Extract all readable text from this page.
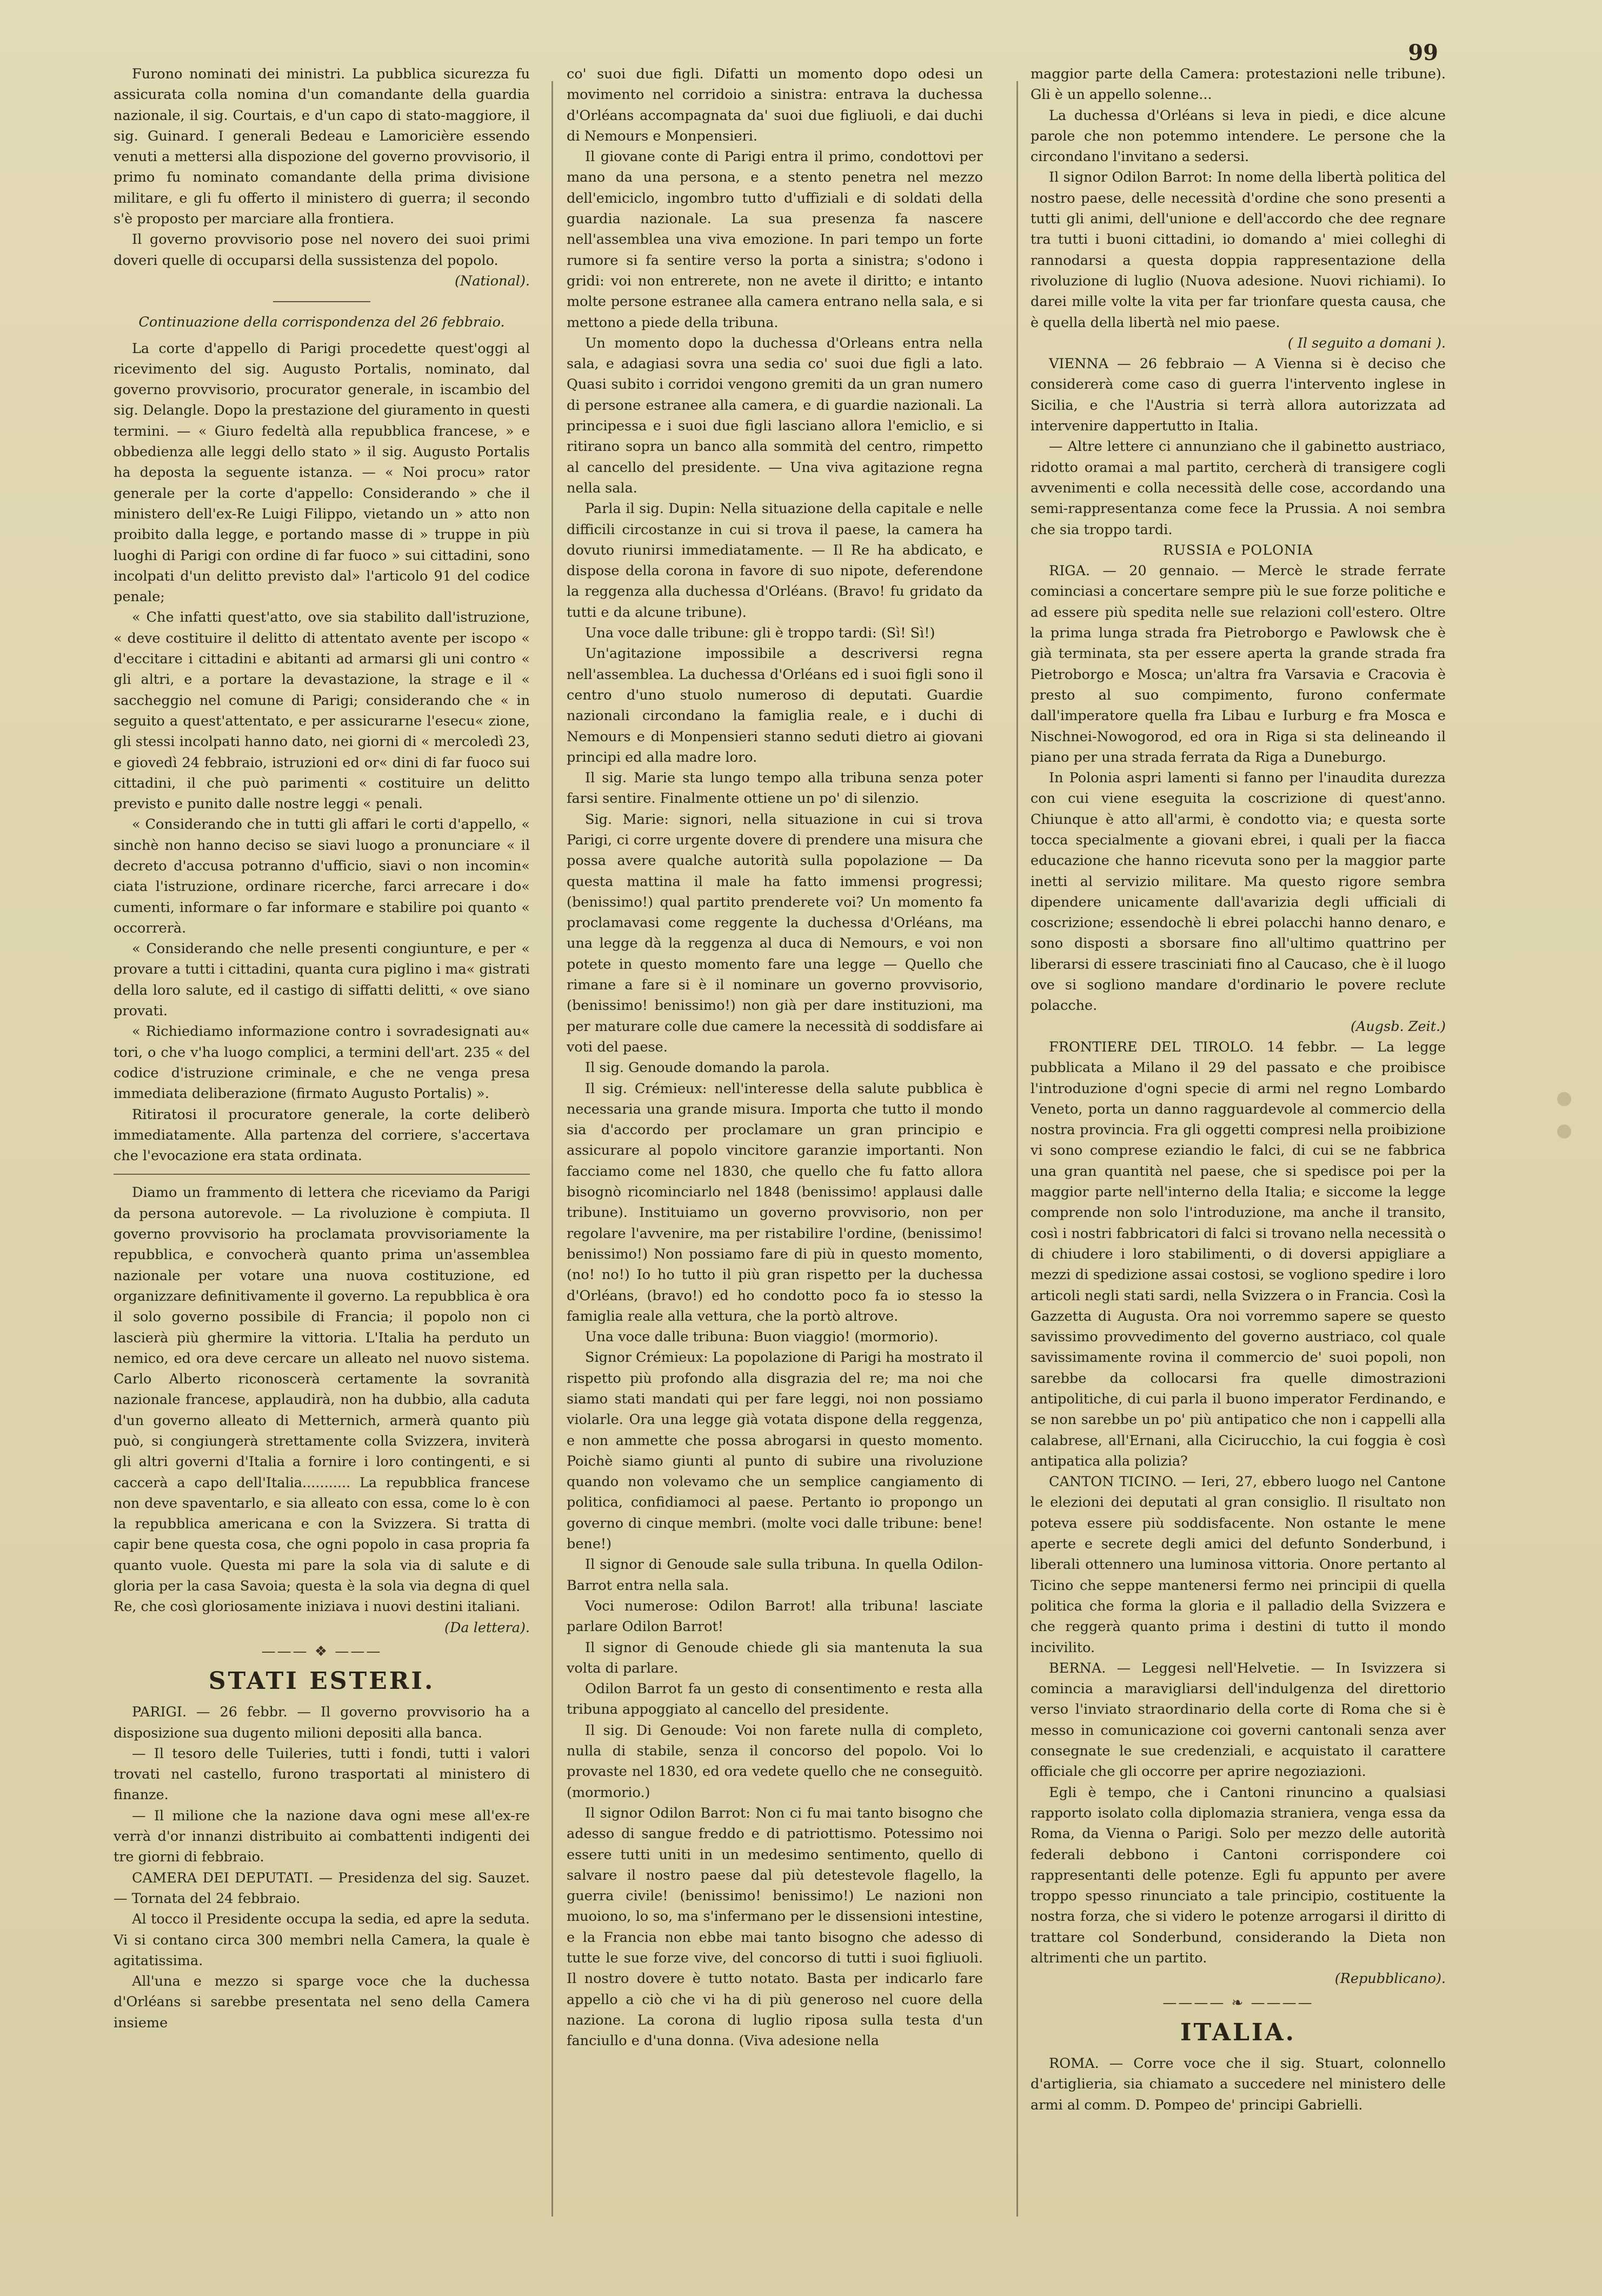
99

Furono nominati dei ministri. La pubblica sicurezza fu assicurata colla nomina d'un comandante della guardia nazionale, il sig. Courtais, e d'un capo di stato-maggiore, il sig. Guinard. I generali Bedeau e Lamoricière essendo venuti a mettersi alla dispozione del governo provvisorio, il primo fu nominato comandante della prima divisione militare, e gli fu offerto il ministero di guerra; il secondo s'è proposto per marciare alla frontiera.

Il governo provvisorio pose nel novero dei suoi primi doveri quelle di occuparsi della sussistenza del popolo.

(National).

Continuazione della corrispondenza del 26 febbraio.

La corte d'appello di Parigi procedette quest'oggi al ricevimento del sig. Augusto Portalis, nominato, dal governo provvisorio, procurator generale, in iscambio del sig. Delangle. Dopo la prestazione del giuramento in questi termini. — « Giuro fedeltà alla repubblica francese, » e obbedienza alle leggi dello stato » il sig. Augusto Portalis ha deposta la seguente istanza. — « Noi procu» rator generale per la corte d'appello: Considerando » che il ministero dell'ex-Re Luigi Filippo, vietando un » atto non proibito dalla legge, e portando masse di » truppe in più luoghi di Parigi con ordine di far fuoco » sui cittadini, sono incolpati d'un delitto previsto dal» l'articolo 91 del codice penale;

« Che infatti quest'atto, ove sia stabilito dall'istruzione, « deve costituire il delitto di attentato avente per iscopo « d'eccitare i cittadini e abitanti ad armarsi gli uni contro « gli altri, e a portare la devastazione, la strage e il « saccheggio nel comune di Parigi; considerando che « in seguito a quest'attentato, e per assicurarne l'esecu« zione, gli stessi incolpati hanno dato, nei giorni di « mercoledì 23, e giovedì 24 febbraio, istruzioni ed or« dini di far fuoco sui cittadini, il che può parimenti « costituire un delitto previsto e punito dalle nostre leggi « penali.

« Considerando che in tutti gli affari le corti d'appello, « sinchè non hanno deciso se siavi luogo a pronunciare « il decreto d'accusa potranno d'ufficio, siavi o non incomin« ciata l'istruzione, ordinare ricerche, farci arrecare i do« cumenti, informare o far informare e stabilire poi quanto « occorrerà.

« Considerando che nelle presenti congiunture, e per « provare a tutti i cittadini, quanta cura piglino i ma« gistrati della loro salute, ed il castigo di siffatti delitti, « ove siano provati.

« Richiediamo informazione contro i sovradesignati au« tori, o che v'ha luogo complici, a termini dell'art. 235 « del codice d'istruzione criminale, e che ne venga presa immediata deliberazione (firmato Augusto Portalis) ».

Ritiratosi il procuratore generale, la corte deliberò immediatamente. Alla partenza del corriere, s'accertava che l'evocazione era stata ordinata.

Diamo un frammento di lettera che riceviamo da Parigi da persona autorevole. — La rivoluzione è compiuta. Il governo provvisorio ha proclamata provvisoriamente la repubblica, e convocherà quanto prima un'assemblea nazionale per votare una nuova costituzione, ed organizzare definitivamente il governo. La repubblica è ora il solo governo possibile di Francia; il popolo non ci lascierà più ghermire la vittoria. L'Italia ha perduto un nemico, ed ora deve cercare un alleato nel nuovo sistema. Carlo Alberto riconoscerà certamente la sovranità nazionale francese, applaudirà, non ha dubbio, alla caduta d'un governo alleato di Metternich, armerà quanto più può, si congiungerà strettamente colla Svizzera, inviterà gli altri governi d'Italia a fornire i loro contingenti, e si caccerà a capo dell'Italia........... La repubblica francese non deve spaventarlo, e sia alleato con essa, come lo è con la repubblica americana e con la Svizzera. Si tratta di capir bene questa cosa, che ogni popolo in casa propria fa quanto vuole. Questa mi pare la sola via di salute e di gloria per la casa Savoia; questa è la sola via degna di quel Re, che così gloriosamente iniziava i nuovi destini italiani.

(Da lettera).

——— ❖ ———
STATI ESTERI.

PARIGI. — 26 febbr. — Il governo provvisorio ha a disposizione sua dugento milioni depositi alla banca.

— Il tesoro delle Tuileries, tutti i fondi, tutti i valori trovati nel castello, furono trasportati al ministero di finanze.

— Il milione che la nazione dava ogni mese all'ex-re verrà d'or innanzi distribuito ai combattenti indigenti dei tre giorni di febbraio.

CAMERA DEI DEPUTATI. — Presidenza del sig. Sauzet. — Tornata del 24 febbraio.

Al tocco il Presidente occupa la sedia, ed apre la seduta. Vi si contano circa 300 membri nella Camera, la quale è agitatissima.

All'una e mezzo si sparge voce che la duchessa d'Orléans si sarebbe presentata nel seno della Camera insieme

co' suoi due figli. Difatti un momento dopo odesi un movimento nel corridoio a sinistra: entrava la duchessa d'Orléans accompagnata da' suoi due figliuoli, e dai duchi di Nemours e Monpensieri.

Il giovane conte di Parigi entra il primo, condottovi per mano da una persona, e a stento penetra nel mezzo dell'emiciclo, ingombro tutto d'uffiziali e di soldati della guardia nazionale. La sua presenza fa nascere nell'assemblea una viva emozione. In pari tempo un forte rumore si fa sentire verso la porta a sinistra; s'odono i gridi: voi non entrerete, non ne avete il diritto; e intanto molte persone estranee alla camera entrano nella sala, e si mettono a piede della tribuna.

Un momento dopo la duchessa d'Orleans entra nella sala, e adagiasi sovra una sedia co' suoi due figli a lato. Quasi subito i corridoi vengono gremiti da un gran numero di persone estranee alla camera, e di guardie nazionali. La principessa e i suoi due figli lasciano allora l'emiclio, e si ritirano sopra un banco alla sommità del centro, rimpetto al cancello del presidente. — Una viva agitazione regna nella sala.

Parla il sig. Dupin: Nella situazione della capitale e nelle difficili circostanze in cui si trova il paese, la camera ha dovuto riunirsi immediatamente. — Il Re ha abdicato, e dispose della corona in favore di suo nipote, deferendone la reggenza alla duchessa d'Orléans. (Bravo! fu gridato da tutti e da alcune tribune).

Una voce dalle tribune: gli è troppo tardi: (Sì! Sì!)

Un'agitazione impossibile a descriversi regna nell'assemblea. La duchessa d'Orléans ed i suoi figli sono il centro d'uno stuolo numeroso di deputati. Guardie nazionali circondano la famiglia reale, e i duchi di Nemours e di Monpensieri stanno seduti dietro ai giovani principi ed alla madre loro.

Il sig. Marie sta lungo tempo alla tribuna senza poter farsi sentire. Finalmente ottiene un po' di silenzio.

Sig. Marie: signori, nella situazione in cui si trova Parigi, ci corre urgente dovere di prendere una misura che possa avere qualche autorità sulla popolazione — Da questa mattina il male ha fatto immensi progressi; (benissimo!) qual partito prenderete voi? Un momento fa proclamavasi come reggente la duchessa d'Orléans, ma una legge dà la reggenza al duca di Nemours, e voi non potete in questo momento fare una legge — Quello che rimane a fare si è il nominare un governo provvisorio, (benissimo! benissimo!) non già per dare instituzioni, ma per maturare colle due camere la necessità di soddisfare ai voti del paese.

Il sig. Genoude domando la parola.

Il sig. Crémieux: nell'interesse della salute pubblica è necessaria una grande misura. Importa che tutto il mondo sia d'accordo per proclamare un gran principio e assicurare al popolo vincitore garanzie importanti. Non facciamo come nel 1830, che quello che fu fatto allora bisognò ricominciarlo nel 1848 (benissimo! applausi dalle tribune). Instituiamo un governo provvisorio, non per regolare l'avvenire, ma per ristabilire l'ordine, (benissimo! benissimo!) Non possiamo fare di più in questo momento, (no! no!) Io ho tutto il più gran rispetto per la duchessa d'Orléans, (bravo!) ed ho condotto poco fa io stesso la famiglia reale alla vettura, che la portò altrove.

Una voce dalle tribuna: Buon viaggio! (mormorio).

Signor Crémieux: La popolazione di Parigi ha mostrato il rispetto più profondo alla disgrazia del re; ma noi che siamo stati mandati qui per fare leggi, noi non possiamo violarle. Ora una legge già votata dispone della reggenza, e non ammette che possa abrogarsi in questo momento. Poichè siamo giunti al punto di subire una rivoluzione quando non volevamo che un semplice cangiamento di politica, confidiamoci al paese. Pertanto io propongo un governo di cinque membri. (molte voci dalle tribune: bene! bene!)

Il signor di Genoude sale sulla tribuna. In quella Odilon-Barrot entra nella sala.

Voci numerose: Odilon Barrot! alla tribuna! lasciate parlare Odilon Barrot!

Il signor di Genoude chiede gli sia mantenuta la sua volta di parlare.

Odilon Barrot fa un gesto di consentimento e resta alla tribuna appoggiato al cancello del presidente.

Il sig. Di Genoude: Voi non farete nulla di completo, nulla di stabile, senza il concorso del popolo. Voi lo provaste nel 1830, ed ora vedete quello che ne conseguitò. (mormorio.)

Il signor Odilon Barrot: Non ci fu mai tanto bisogno che adesso di sangue freddo e di patriottismo. Potessimo noi essere tutti uniti in un medesimo sentimento, quello di salvare il nostro paese dal più detestevole flagello, la guerra civile! (benissimo! benissimo!) Le nazioni non muoiono, lo so, ma s'infermano per le dissensioni intestine, e la Francia non ebbe mai tanto bisogno che adesso di tutte le sue forze vive, del concorso di tutti i suoi figliuoli. Il nostro dovere è tutto notato. Basta per indicarlo fare appello a ciò che vi ha di più generoso nel cuore della nazione. La corona di luglio riposa sulla testa d'un fanciullo e d'una donna. (Viva adesione nella

maggior parte della Camera: protestazioni nelle tribune). Gli è un appello solenne...

La duchessa d'Orléans si leva in piedi, e dice alcune parole che non potemmo intendere. Le persone che la circondano l'invitano a sedersi.

Il signor Odilon Barrot: In nome della libertà politica del nostro paese, delle necessità d'ordine che sono presenti a tutti gli animi, dell'unione e dell'accordo che dee regnare tra tutti i buoni cittadini, io domando a' miei colleghi di rannodarsi a questa doppia rappresentazione della rivoluzione di luglio (Nuova adesione. Nuovi richiami). Io darei mille volte la vita per far trionfare questa causa, che è quella della libertà nel mio paese.

( Il seguito a domani ).

VIENNA — 26 febbraio — A Vienna si è deciso che considererà come caso di guerra l'intervento inglese in Sicilia, e che l'Austria si terrà allora autorizzata ad intervenire dappertutto in Italia.

— Altre lettere ci annunziano che il gabinetto austriaco, ridotto oramai a mal partito, cercherà di transigere cogli avvenimenti e colla necessità delle cose, accordando una semi-rappresentanza come fece la Prussia. A noi sembra che sia troppo tardi.

RUSSIA e POLONIA

RIGA. — 20 gennaio. — Mercè le strade ferrate cominciasi a concertare sempre più le sue forze politiche e ad essere più spedita nelle sue relazioni coll'estero. Oltre la prima lunga strada fra Pietroborgo e Pawlowsk che è già terminata, sta per essere aperta la grande strada fra Pietroborgo e Mosca; un'altra fra Varsavia e Cracovia è presto al suo compimento, furono confermate dall'imperatore quella fra Libau e Iurburg e fra Mosca e Nischnei-Nowogorod, ed ora in Riga si sta delineando il piano per una strada ferrata da Riga a Duneburgo.

In Polonia aspri lamenti si fanno per l'inaudita durezza con cui viene eseguita la coscrizione di quest'anno. Chiunque è atto all'armi, è condotto via; e questa sorte tocca specialmente a giovani ebrei, i quali per la fiacca educazione che hanno ricevuta sono per la maggior parte inetti al servizio militare. Ma questo rigore sembra dipendere unicamente dall'avarizia degli ufficiali di coscrizione; essendochè li ebrei polacchi hanno denaro, e sono disposti a sborsare fino all'ultimo quattrino per liberarsi di essere trasciniati fino al Caucaso, che è il luogo ove si sogliono mandare d'ordinario le povere reclute polacche.

(Augsb. Zeit.)

FRONTIERE DEL TIROLO. 14 febbr. — La legge pubblicata a Milano il 29 del passato e che proibisce l'introduzione d'ogni specie di armi nel regno Lombardo Veneto, porta un danno ragguardevole al commercio della nostra provincia. Fra gli oggetti compresi nella proibizione vi sono comprese eziandio le falci, di cui se ne fabbrica una gran quantità nel paese, che si spedisce poi per la maggior parte nell'interno della Italia; e siccome la legge comprende non solo l'introduzione, ma anche il transito, così i nostri fabbricatori di falci si trovano nella necessità o di chiudere i loro stabilimenti, o di doversi appigliare a mezzi di spedizione assai costosi, se vogliono spedire i loro articoli negli stati sardi, nella Svizzera o in Francia. Così la Gazzetta di Augusta. Ora noi vorremmo sapere se questo savissimo provvedimento del governo austriaco, col quale savissimamente rovina il commercio de' suoi popoli, non sarebbe da collocarsi fra quelle dimostrazioni antipolitiche, di cui parla il buono imperator Ferdinando, e se non sarebbe un po' più antipatico che non i cappelli alla calabrese, all'Ernani, alla Cicirucchio, la cui foggia è così antipatica alla polizia?

CANTON TICINO. — Ieri, 27, ebbero luogo nel Cantone le elezioni dei deputati al gran consiglio. Il risultato non poteva essere più soddisfacente. Non ostante le mene aperte e secrete degli amici del defunto Sonderbund, i liberali ottennero una luminosa vittoria. Onore pertanto al Ticino che seppe mantenersi fermo nei principii di quella politica che forma la gloria e il palladio della Svizzera e che reggerà quanto prima i destini di tutto il mondo incivilito.

BERNA. — Leggesi nell'Helvetie. — In Isvizzera si comincia a maravigliarsi dell'indulgenza del direttorio verso l'inviato straordinario della corte di Roma che si è messo in comunicazione coi governi cantonali senza aver consegnate le sue credenziali, e acquistato il carattere officiale che gli occorre per aprire negoziazioni.

Egli è tempo, che i Cantoni rinuncino a qualsiasi rapporto isolato colla diplomazia straniera, venga essa da Roma, da Vienna o Parigi. Solo per mezzo delle autorità federali debbono i Cantoni corrispondere coi rappresentanti delle potenze. Egli fu appunto per avere troppo spesso rinunciato a tale principio, costituente la nostra forza, che si videro le potenze arrogarsi il diritto di trattare col Sonderbund, considerando la Dieta non altrimenti che un partito.

(Repubblicano).

———— ❧ ————
ITALIA.

ROMA. — Corre voce che il sig. Stuart, colonnello d'artiglieria, sia chiamato a succedere nel ministero delle armi al comm. D. Pompeo de' principi Gabrielli.
